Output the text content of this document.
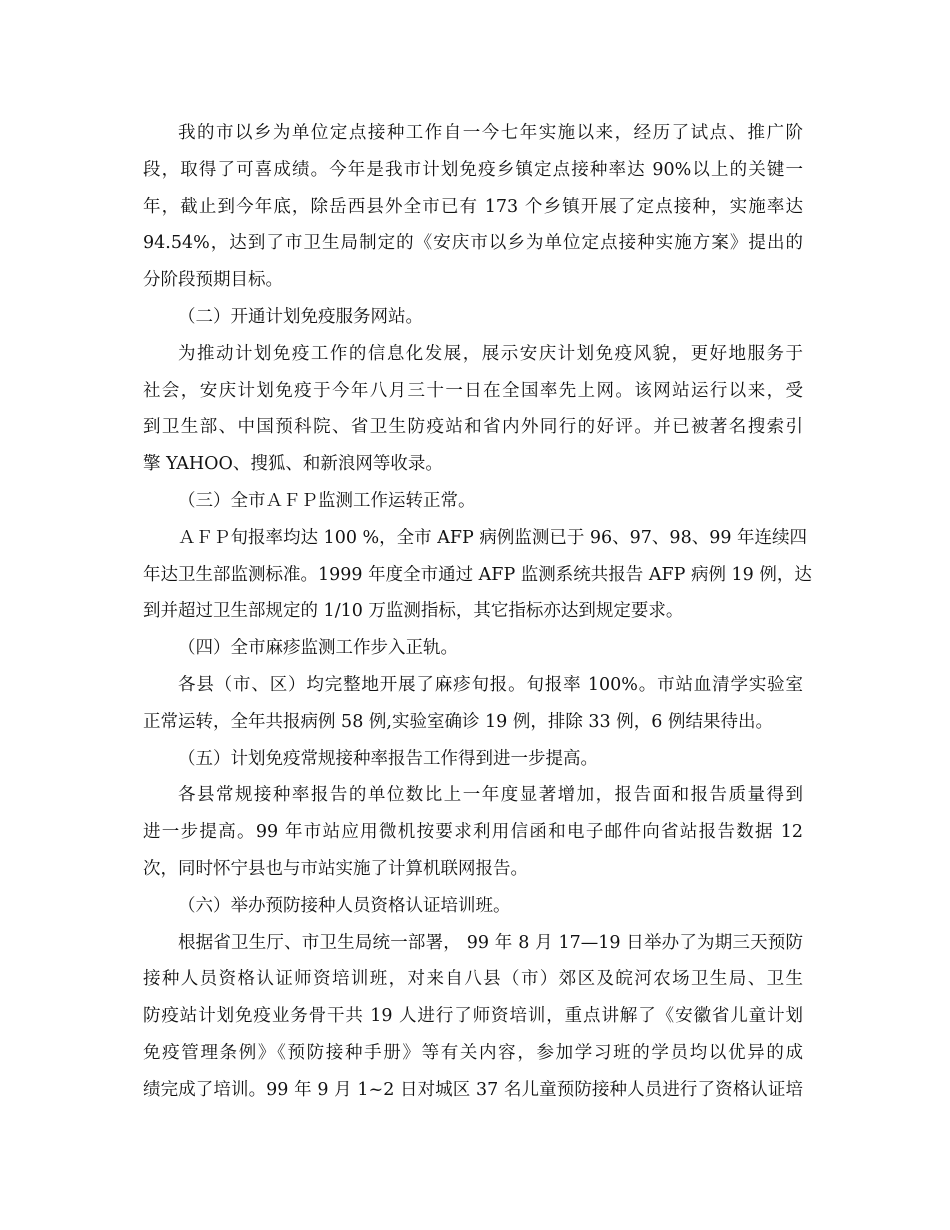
我的市以乡为单位定点接种工作自一今七年实施以来，经历了试点、推广阶
段，取得了可喜成绩。今年是我市计划免疫乡镇定点接种率达 90%以上的关键一
年，截止到今年底，除岳西县外全市已有 173 个乡镇开展了定点接种，实施率达
94.54%，达到了市卫生局制定的《安庆市以乡为单位定点接种实施方案》提出的
分阶段预期目标。
（二）开通计划免疫服务网站。
为推动计划免疫工作的信息化发展，展示安庆计划免疫风貌，更好地服务于
社会，安庆计划免疫于今年八月三十一日在全国率先上网。该网站运行以来，受
到卫生部、中国预科院、省卫生防疫站和省内外同行的好评。并已被著名搜索引
擎 YAHOO、搜狐、和新浪网等收录。
（三）全市ＡＦＰ监测工作运转正常。
ＡＦＰ旬报率均达 100 %，全市 AFP 病例监测已于 96、97、98、99 年连续四
年达卫生部监测标准。1999 年度全市通过 AFP 监测系统共报告 AFP 病例 19 例，达
到并超过卫生部规定的 1/10 万监测指标，其它指标亦达到规定要求。
（四）全市麻疹监测工作步入正轨。
各县（市、区）均完整地开展了麻疹旬报。旬报率 100%。市站血清学实验室
正常运转，全年共报病例 58 例,实验室确诊 19 例，排除 33 例，6 例结果待出。
（五）计划免疫常规接种率报告工作得到进一步提高。
各县常规接种率报告的单位数比上一年度显著增加，报告面和报告质量得到
进一步提高。99 年市站应用微机按要求利用信函和电子邮件向省站报告数据 12
次，同时怀宁县也与市站实施了计算机联网报告。
（六）举办预防接种人员资格认证培训班。
根据省卫生厅、市卫生局统一部署， 99 年 8 月 17—19 日举办了为期三天预防
接种人员资格认证师资培训班，对来自八县（市）郊区及皖河农场卫生局、卫生
防疫站计划免疫业务骨干共 19 人进行了师资培训，重点讲解了《安徽省儿童计划
免疫管理条例》《预防接种手册》等有关内容，参加学习班的学员均以优异的成
绩完成了培训。99 年 9 月 1~2 日对城区 37 名儿童预防接种人员进行了资格认证培
